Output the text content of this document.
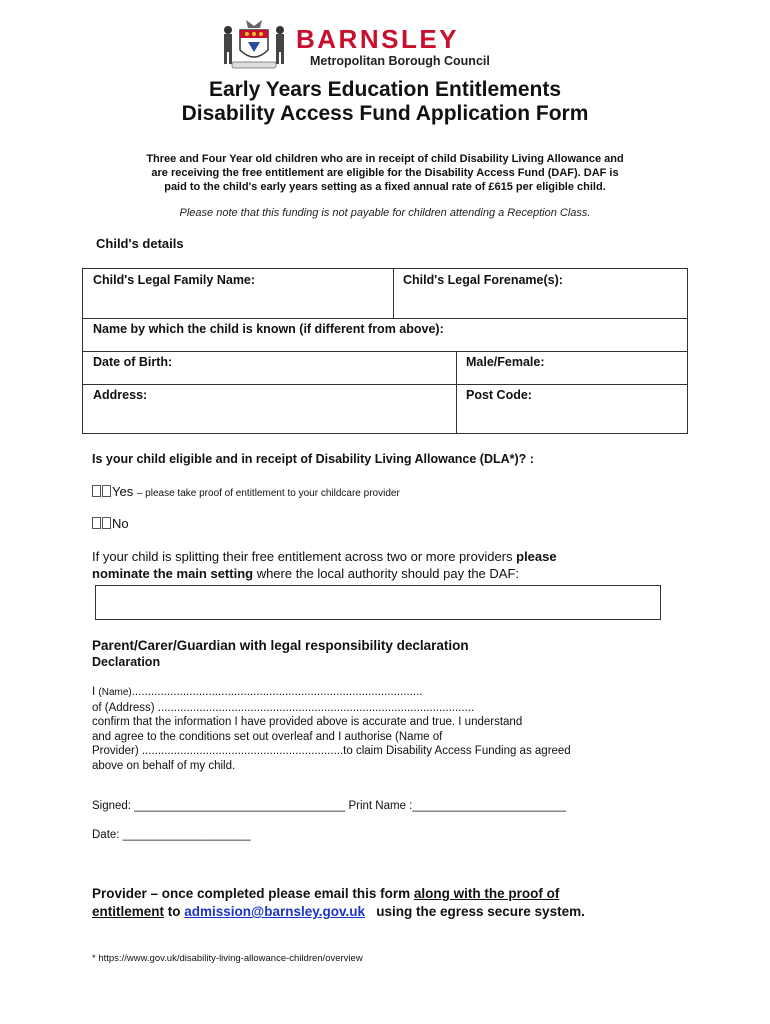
BARNSLEY
Metropolitan Borough Council
Early Years Education Entitlements
Disability Access Fund Application Form
Three and Four Year old children who are in receipt of child Disability Living Allowance and
are receiving the free entitlement are eligible for the Disability Access Fund (DAF). DAF is
paid to the child's early years setting as a fixed annual rate of £615 per eligible child.
Please note that this funding is not payable for children attending a Reception Class.
Child's details
Child's Legal Family Name:	Child's Legal Forename(s):
Name by which the child is known (if different from above):
Date of Birth:	Male/Female:
Address:	Post Code:
Is your child eligible and in receipt of Disability Living Allowance (DLA*)? :
Yes – please take proof of entitlement to your childcare provider
No
If your child is splitting their free entitlement across two or more providers please
nominate the main setting where the local authority should pay the DAF:
Parent/Carer/Guardian with legal responsibility declaration
Declaration
I (Name)...........................................................................................
of (Address) ...................................................................................................
confirm that the information I have provided above is accurate and true. I understand
and agree to the conditions set out overleaf and I authorise (Name of
Provider) ...............................................................to claim Disability Access Funding as agreed
above on behalf of my child.
Signed: _________________________________ Print Name :________________________
Date: ____________________
Provider – once completed please email this form along with the proof of
entitlement to admission@barnsley.gov.uk   using the egress secure system.
* https://www.gov.uk/disability-living-allowance-children/overview
